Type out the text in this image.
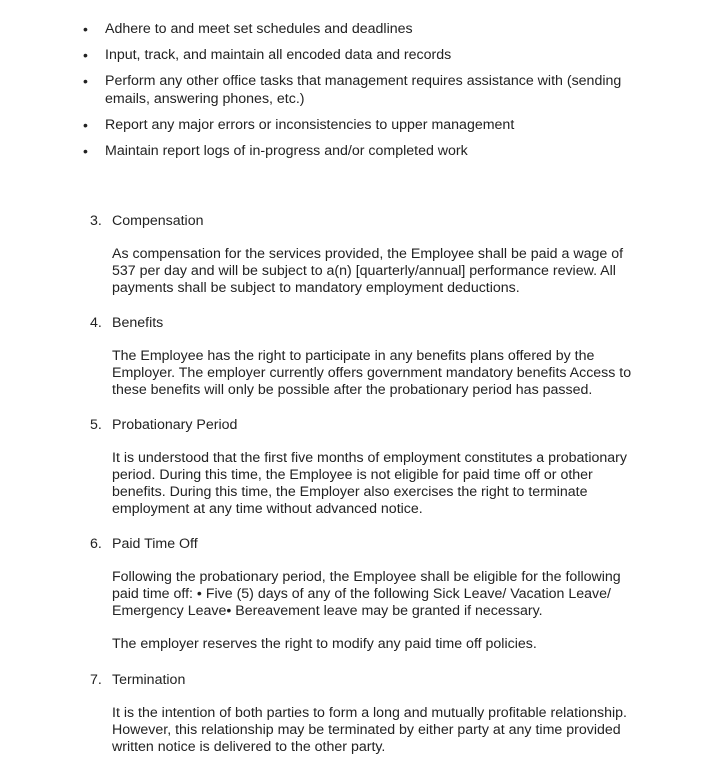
• Adhere to and meet set schedules and deadlines
• Input, track, and maintain all encoded data and records
• Perform any other office tasks that management requires assistance with (sending emails, answering phones, etc.)
• Report any major errors or inconsistencies to upper management
• Maintain report logs of in-progress and/or completed work
3. Compensation
As compensation for the services provided, the Employee shall be paid a wage of 537 per day and will be subject to a(n) [quarterly/annual] performance review. All payments shall be subject to mandatory employment deductions.
4. Benefits
The Employee has the right to participate in any benefits plans offered by the Employer. The employer currently offers government mandatory benefits Access to these benefits will only be possible after the probationary period has passed.
5. Probationary Period
It is understood that the first five months of employment constitutes a probationary period. During this time, the Employee is not eligible for paid time off or other benefits. During this time, the Employer also exercises the right to terminate employment at any time without advanced notice.
6. Paid Time Off
Following the probationary period, the Employee shall be eligible for the following paid time off: • Five (5) days of any of the following Sick Leave/ Vacation Leave/ Emergency Leave• Bereavement leave may be granted if necessary.
The employer reserves the right to modify any paid time off policies.
7. Termination
It is the intention of both parties to form a long and mutually profitable relationship. However, this relationship may be terminated by either party at any time provided written notice is delivered to the other party.
